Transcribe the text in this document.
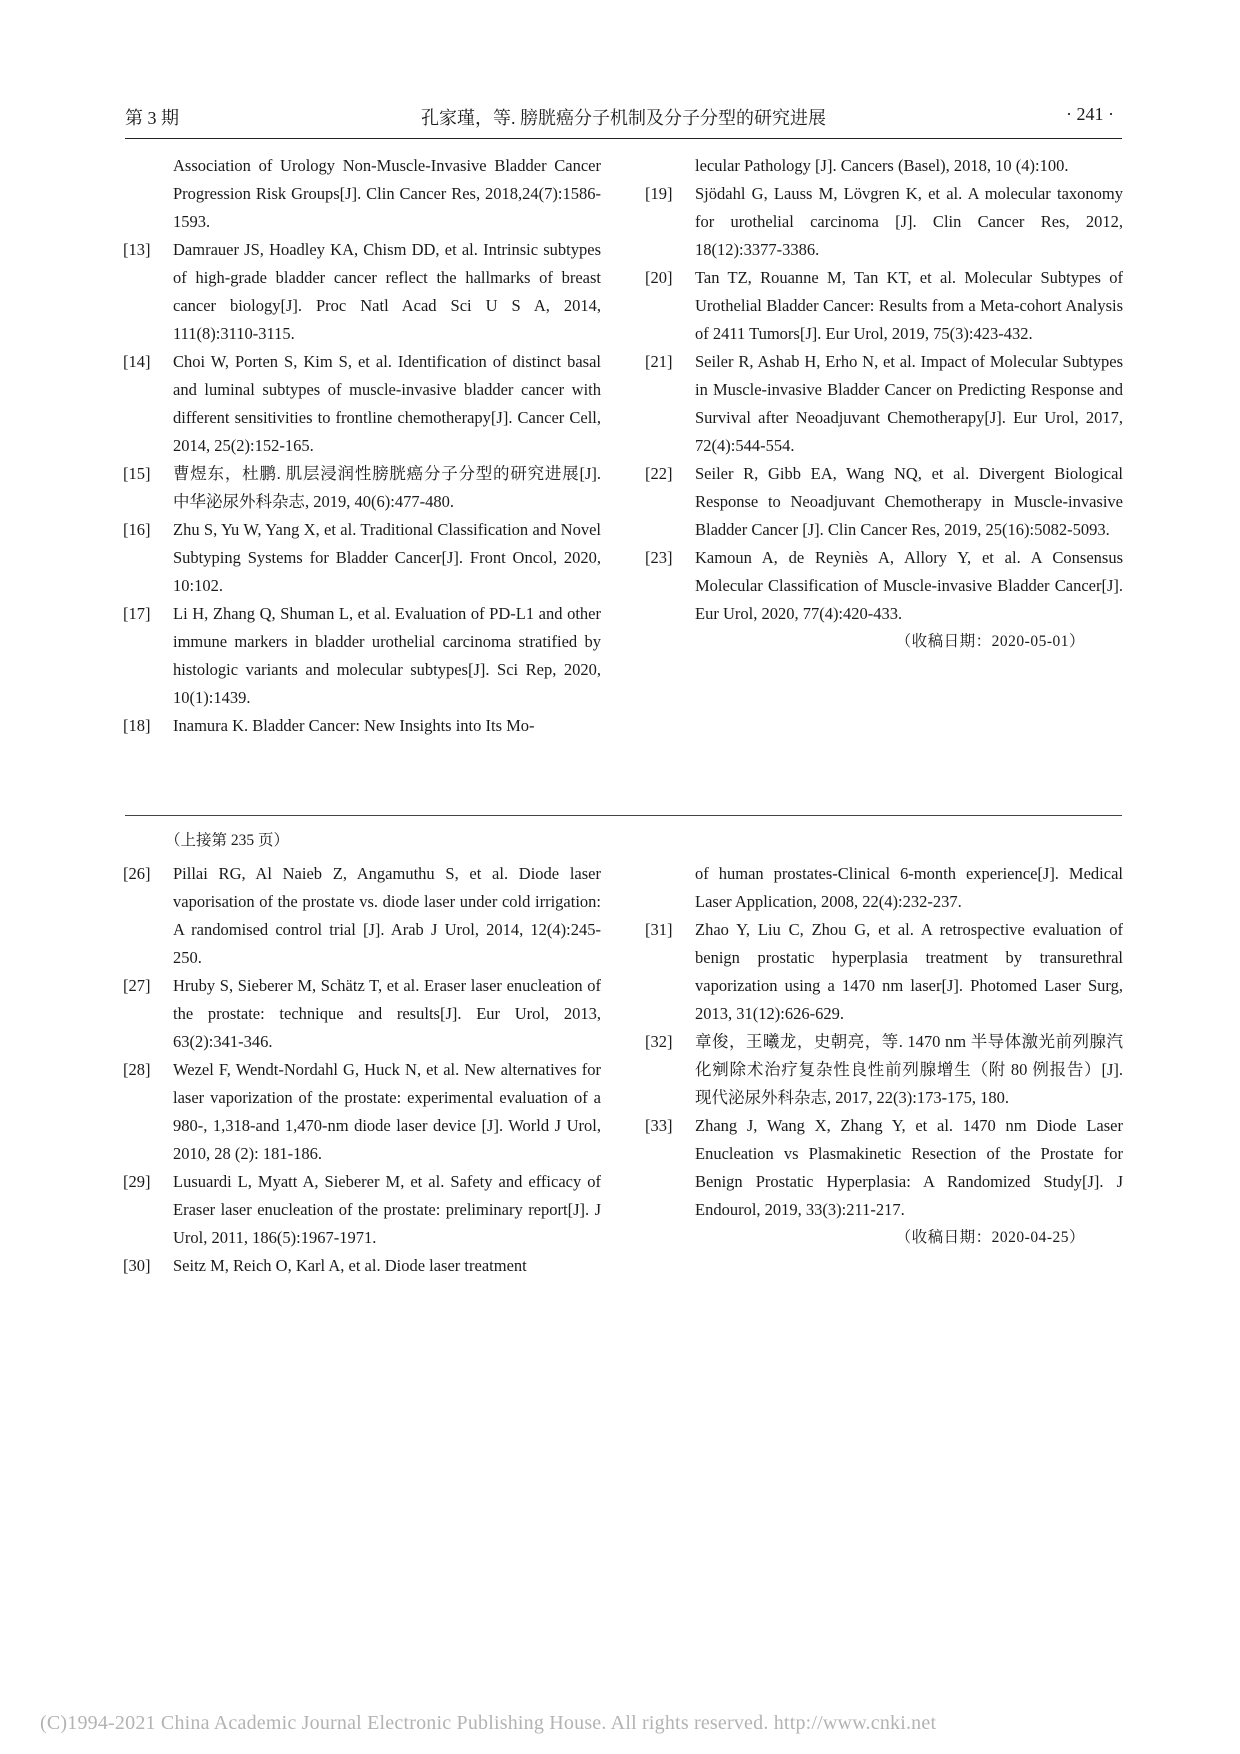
第 3 期	孔家瑾，等. 膀胱癌分子机制及分子分型的研究进展	· 241 ·
Association of Urology Non-Muscle-Invasive Bladder Cancer Progression Risk Groups[J]. Clin Cancer Res, 2018,24(7):1586-1593.
[13] Damrauer JS, Hoadley KA, Chism DD, et al. Intrinsic subtypes of high-grade bladder cancer reflect the hallmarks of breast cancer biology[J]. Proc Natl Acad Sci U S A, 2014, 111(8):3110-3115.
[14] Choi W, Porten S, Kim S, et al. Identification of distinct basal and luminal subtypes of muscle-invasive bladder cancer with different sensitivities to frontline chemotherapy[J]. Cancer Cell, 2014, 25(2):152-165.
[15] 曹煜东，杜鹏. 肌层浸润性膀胱癌分子分型的研究进展[J]. 中华泌尿外科杂志, 2019, 40(6):477-480.
[16] Zhu S, Yu W, Yang X, et al. Traditional Classification and Novel Subtyping Systems for Bladder Cancer[J]. Front Oncol, 2020, 10:102.
[17] Li H, Zhang Q, Shuman L, et al. Evaluation of PD-L1 and other immune markers in bladder urothelial carcinoma stratified by histologic variants and molecular subtypes[J]. Sci Rep, 2020, 10(1):1439.
[18] Inamura K. Bladder Cancer: New Insights into Its Mo-
lecular Pathology [J]. Cancers (Basel), 2018, 10 (4):100.
[19] Sjödahl G, Lauss M, Lövgren K, et al. A molecular taxonomy for urothelial carcinoma [J]. Clin Cancer Res, 2012, 18(12):3377-3386.
[20] Tan TZ, Rouanne M, Tan KT, et al. Molecular Subtypes of Urothelial Bladder Cancer: Results from a Meta-cohort Analysis of 2411 Tumors[J]. Eur Urol, 2019, 75(3):423-432.
[21] Seiler R, Ashab H, Erho N, et al. Impact of Molecular Subtypes in Muscle-invasive Bladder Cancer on Predicting Response and Survival after Neoadjuvant Chemotherapy[J]. Eur Urol, 2017, 72(4):544-554.
[22] Seiler R, Gibb EA, Wang NQ, et al. Divergent Biological Response to Neoadjuvant Chemotherapy in Muscle-invasive Bladder Cancer [J]. Clin Cancer Res, 2019, 25(16):5082-5093.
[23] Kamoun A, de Reyniès A, Allory Y, et al. A Consensus Molecular Classification of Muscle-invasive Bladder Cancer[J]. Eur Urol, 2020, 77(4):420-433.
（收稿日期：2020-05-01）
（上接第 235 页）
[26] Pillai RG, Al Naieb Z, Angamuthu S, et al. Diode laser vaporisation of the prostate vs. diode laser under cold irrigation: A randomised control trial [J]. Arab J Urol, 2014, 12(4):245-250.
[27] Hruby S, Sieberer M, Schätz T, et al. Eraser laser enucleation of the prostate: technique and results[J]. Eur Urol, 2013, 63(2):341-346.
[28] Wezel F, Wendt-Nordahl G, Huck N, et al. New alternatives for laser vaporization of the prostate: experimental evaluation of a 980-, 1,318-and 1,470-nm diode laser device [J]. World J Urol, 2010, 28 (2): 181-186.
[29] Lusuardi L, Myatt A, Sieberer M, et al. Safety and efficacy of Eraser laser enucleation of the prostate: preliminary report[J]. J Urol, 2011, 186(5):1967-1971.
[30] Seitz M, Reich O, Karl A, et al. Diode laser treatment
of human prostates-Clinical 6-month experience[J]. Medical Laser Application, 2008, 22(4):232-237.
[31] Zhao Y, Liu C, Zhou G, et al. A retrospective evaluation of benign prostatic hyperplasia treatment by transurethral vaporization using a 1470 nm laser[J]. Photomed Laser Surg, 2013, 31(12):626-629.
[32] 章俊，王曦龙，史朝亮，等. 1470 nm 半导体激光前列腺汽化剜除术治疗复杂性良性前列腺增生（附 80 例报告）[J]. 现代泌尿外科杂志, 2017, 22(3):173-175, 180.
[33] Zhang J, Wang X, Zhang Y, et al. 1470 nm Diode Laser Enucleation vs Plasmakinetic Resection of the Prostate for Benign Prostatic Hyperplasia: A Randomized Study[J]. J Endourol, 2019, 33(3):211-217.
（收稿日期：2020-04-25）
(C)1994-2021 China Academic Journal Electronic Publishing House. All rights reserved. http://www.cnki.net
